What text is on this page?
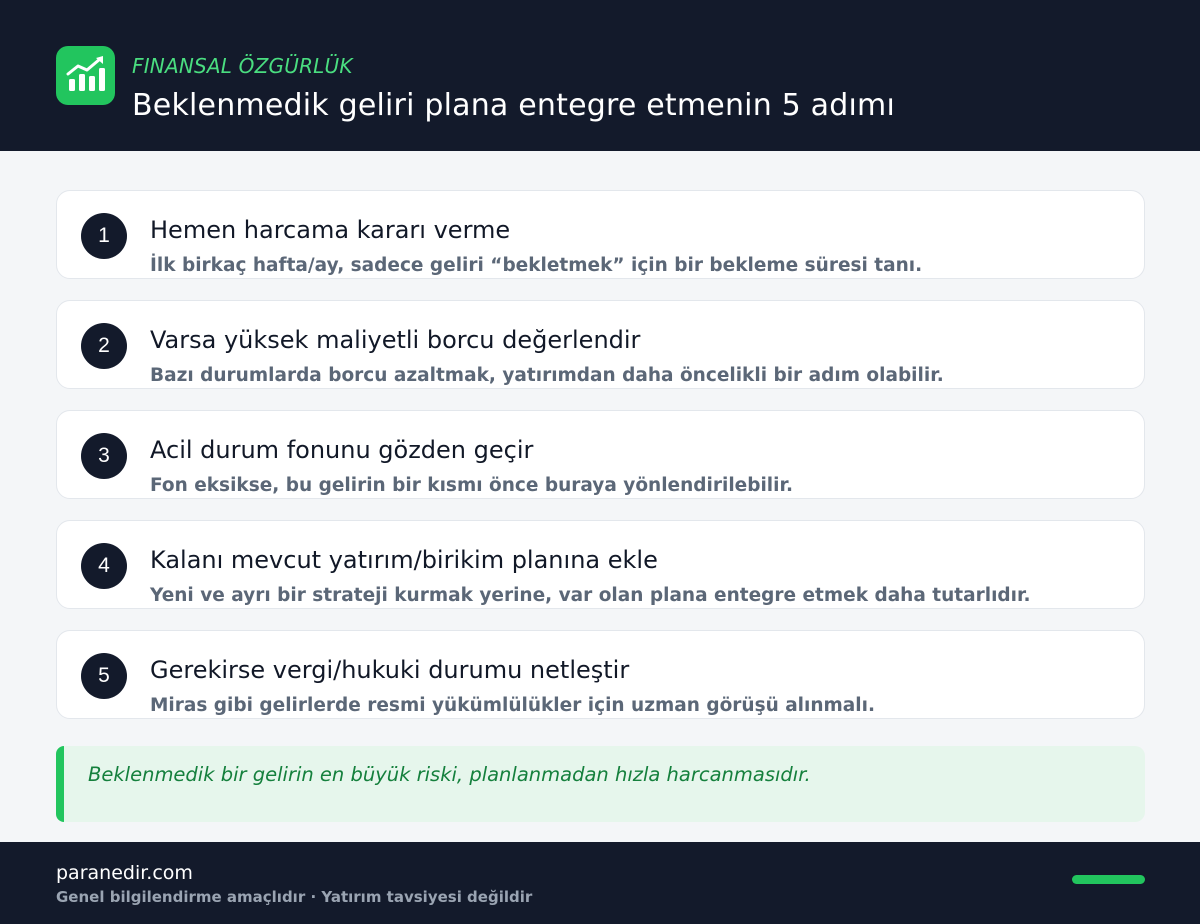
FINANSAL ÖZGÜRLÜK
Beklenmedik geliri plana entegre etmenin 5 adımı
1	Hemen harcama kararı verme
İlk birkaç hafta/ay, sadece geliri “bekletmek” için bir bekleme süresi tanı.
2	Varsa yüksek maliyetli borcu değerlendir
Bazı durumlarda borcu azaltmak, yatırımdan daha öncelikli bir adım olabilir.
3	Acil durum fonunu gözden geçir
Fon eksikse, bu gelirin bir kısmı önce buraya yönlendirilebilir.
4	Kalanı mevcut yatırım/birikim planına ekle
Yeni ve ayrı bir strateji kurmak yerine, var olan plana entegre etmek daha tutarlıdır.
5	Gerekirse vergi/hukuki durumu netleştir
Miras gibi gelirlerde resmi yükümlülükler için uzman görüşü alınmalı.
Beklenmedik bir gelirin en büyük riski, planlanmadan hızla harcanmasıdır.
paranedir.com
Genel bilgilendirme amaçlıdır · Yatırım tavsiyesi değildir
